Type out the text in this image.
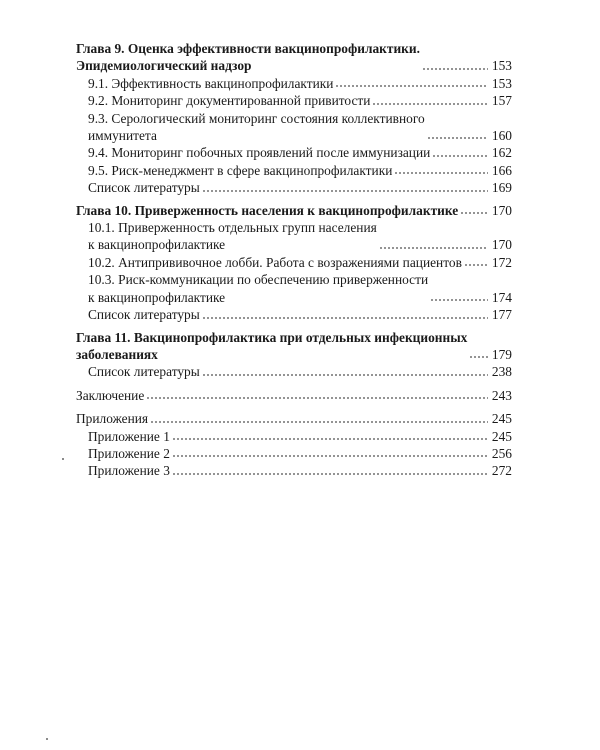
Глава 9. Оценка эффективности вакцинопрофилактики.
Эпидемиологический надзор	153
9.1. Эффективность вакцинопрофилактики	153
9.2. Мониторинг документированной привитости	157
9.3. Серологический мониторинг состояния коллективного
иммунитета	160
9.4. Мониторинг побочных проявлений после иммунизации	162
9.5. Риск-менеджмент в сфере вакцинопрофилактики	166
Список литературы	169
Глава 10. Приверженность населения к вакцинопрофилактике	170
10.1. Приверженность отдельных групп населения
к вакцинопрофилактике	170
10.2. Антипрививочное лобби. Работа с возражениями пациентов 172
10.3. Риск-коммуникации по обеспечению приверженности
к вакцинопрофилактике	174
Список литературы	177
Глава 11. Вакцинопрофилактика при отдельных инфекционных
заболеваниях	179
Список литературы	238
Заключение	243
Приложения	245
Приложение 1	245
Приложение 2	256
Приложение 3	272
